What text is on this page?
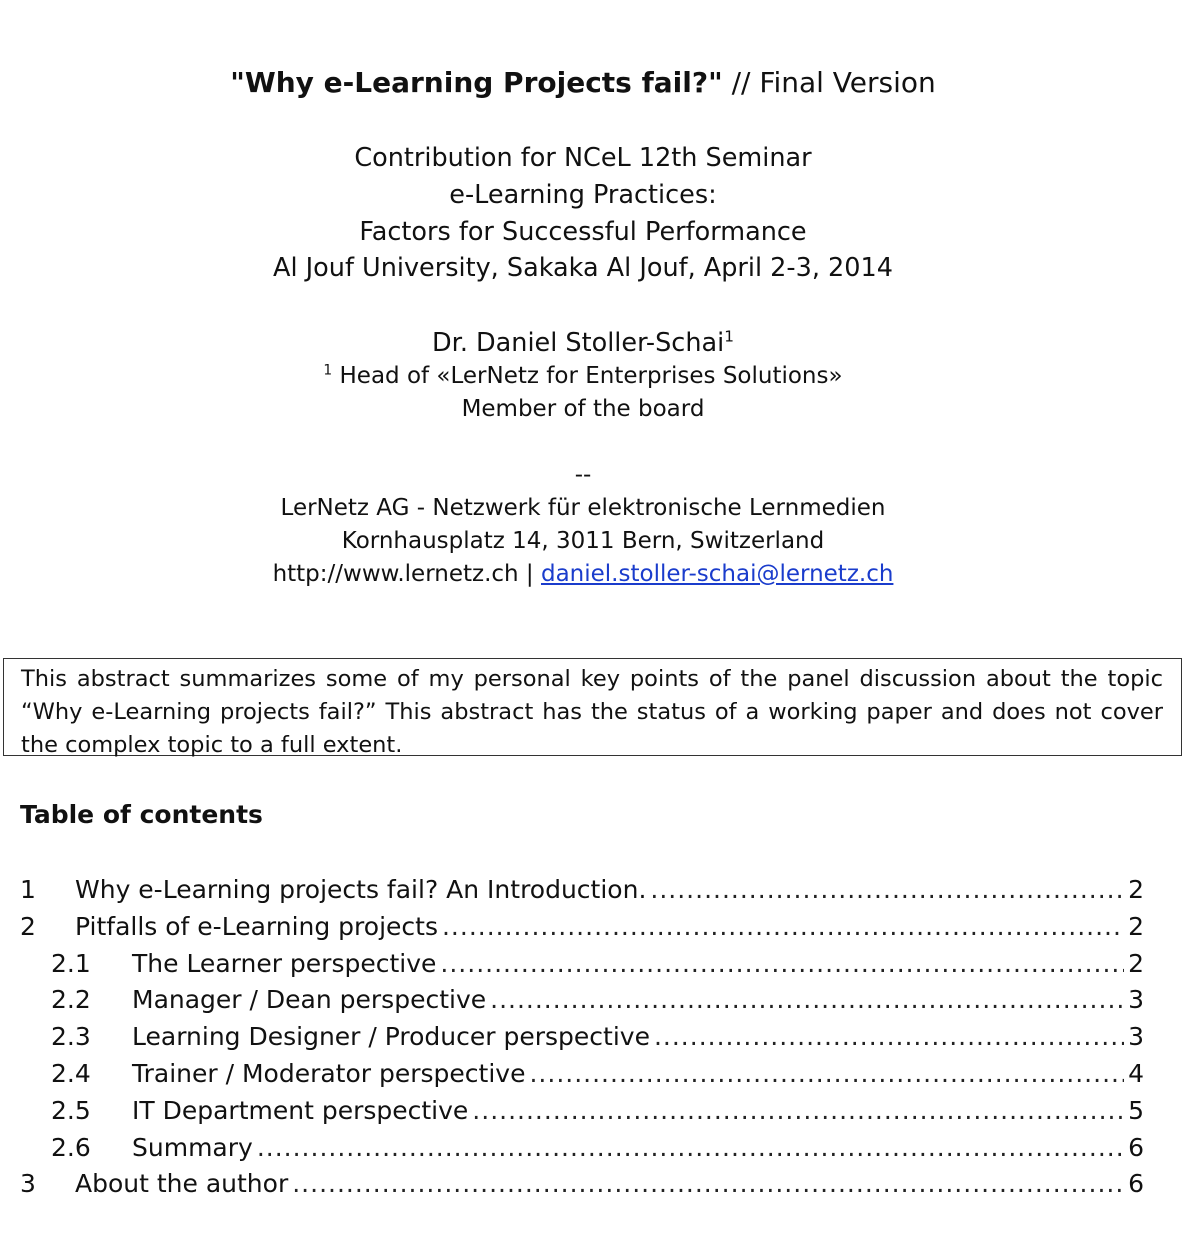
"Why e-Learning Projects fail?" // Final Version
Contribution for NCeL 12th Seminar
e-Learning Practices:
Factors for Successful Performance
Al Jouf University, Sakaka Al Jouf, April 2-3, 2014
Dr. Daniel Stoller-Schai$^1$
$^1$ Head of «LerNetz for Enterprises Solutions»
Member of the board
--
LerNetz AG - Netzwerk für elektronische Lernmedien
Kornhausplatz 14, 3011 Bern, Switzerland
http://www.lernetz.ch | daniel.stoller-schai@lernetz.ch
This abstract summarizes some of my personal key points of the panel discussion about the topic “Why e-Learning projects fail?” This abstract has the status of a working paper and does not cover the complex topic to a full extent.
Table of contents
1 Why e-Learning projects fail? An Introduction. .....	2
2 Pitfalls of e-Learning projects .....	2
2.1 The Learner perspective .....	2
2.2 Manager / Dean perspective .....	3
2.3 Learning Designer / Producer perspective .....	3
2.4 Trainer / Moderator perspective .....	4
2.5 IT Department perspective .....	5
2.6 Summary .....	6
3 About the author .....	6
